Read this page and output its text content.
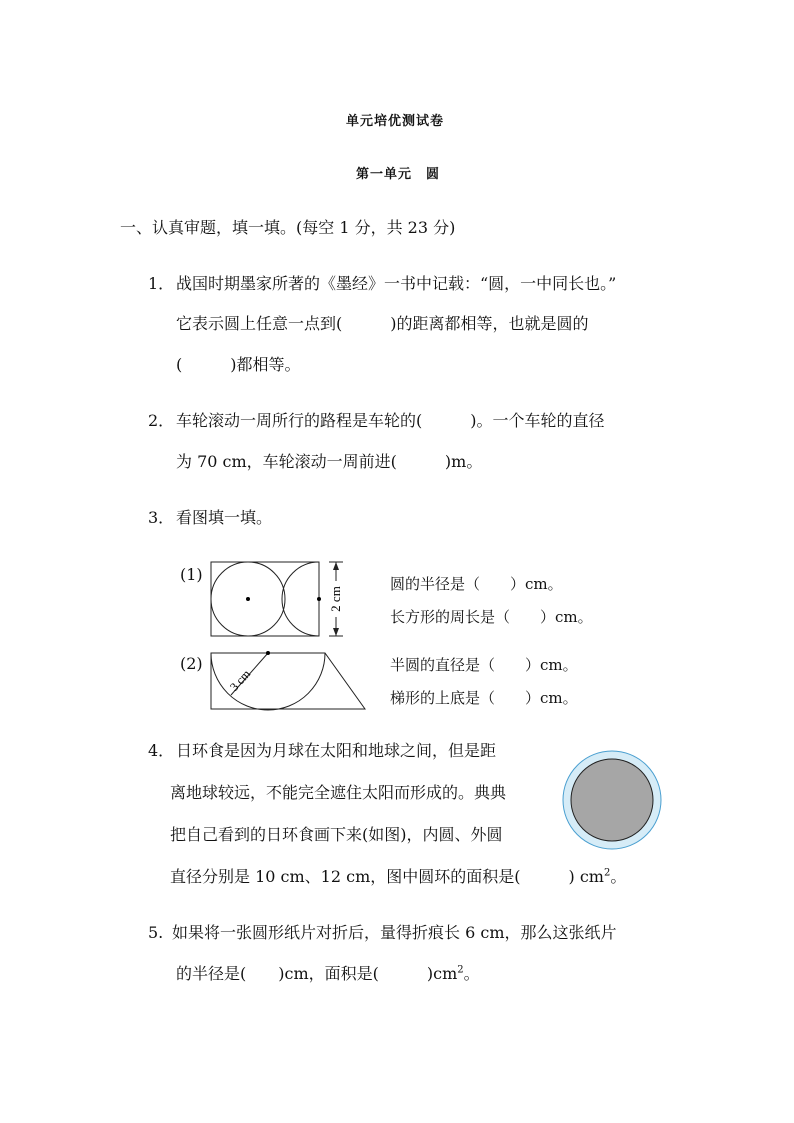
单元培优测试卷
第一单元　圆
一、认真审题，填一填。(每空 1 分，共 23 分)
1． 战国时期墨家所著的《墨经》一书中记载：“圆，一中同长也。”
它表示圆上任意一点到(　　　)的距离都相等，也就是圆的
(　　　)都相等。
2． 车轮滚动一周所行的路程是车轮的(　　　)。一个车轮的直径
为 70 cm，车轮滚动一周前进(　　　)m。
3． 看图填一填。
(1)
2 cm
圆的半径是（　　）cm。
长方形的周长是（　　）cm。
(2)
3 cm
半圆的直径是（　　）cm。
梯形的上底是（　　）cm。
4． 日环食是因为月球在太阳和地球之间，但是距
离地球较远，不能完全遮住太阳而形成的。典典
把自己看到的日环食画下来(如图)，内圆、外圆
直径分别是 10 cm、12 cm，图中圆环的面积是(　　　) $cm^2$。
5. 如果将一张圆形纸片对折后，量得折痕长 6 cm，那么这张纸片
的半径是(　　)cm，面积是(　　　)$cm^2$。
